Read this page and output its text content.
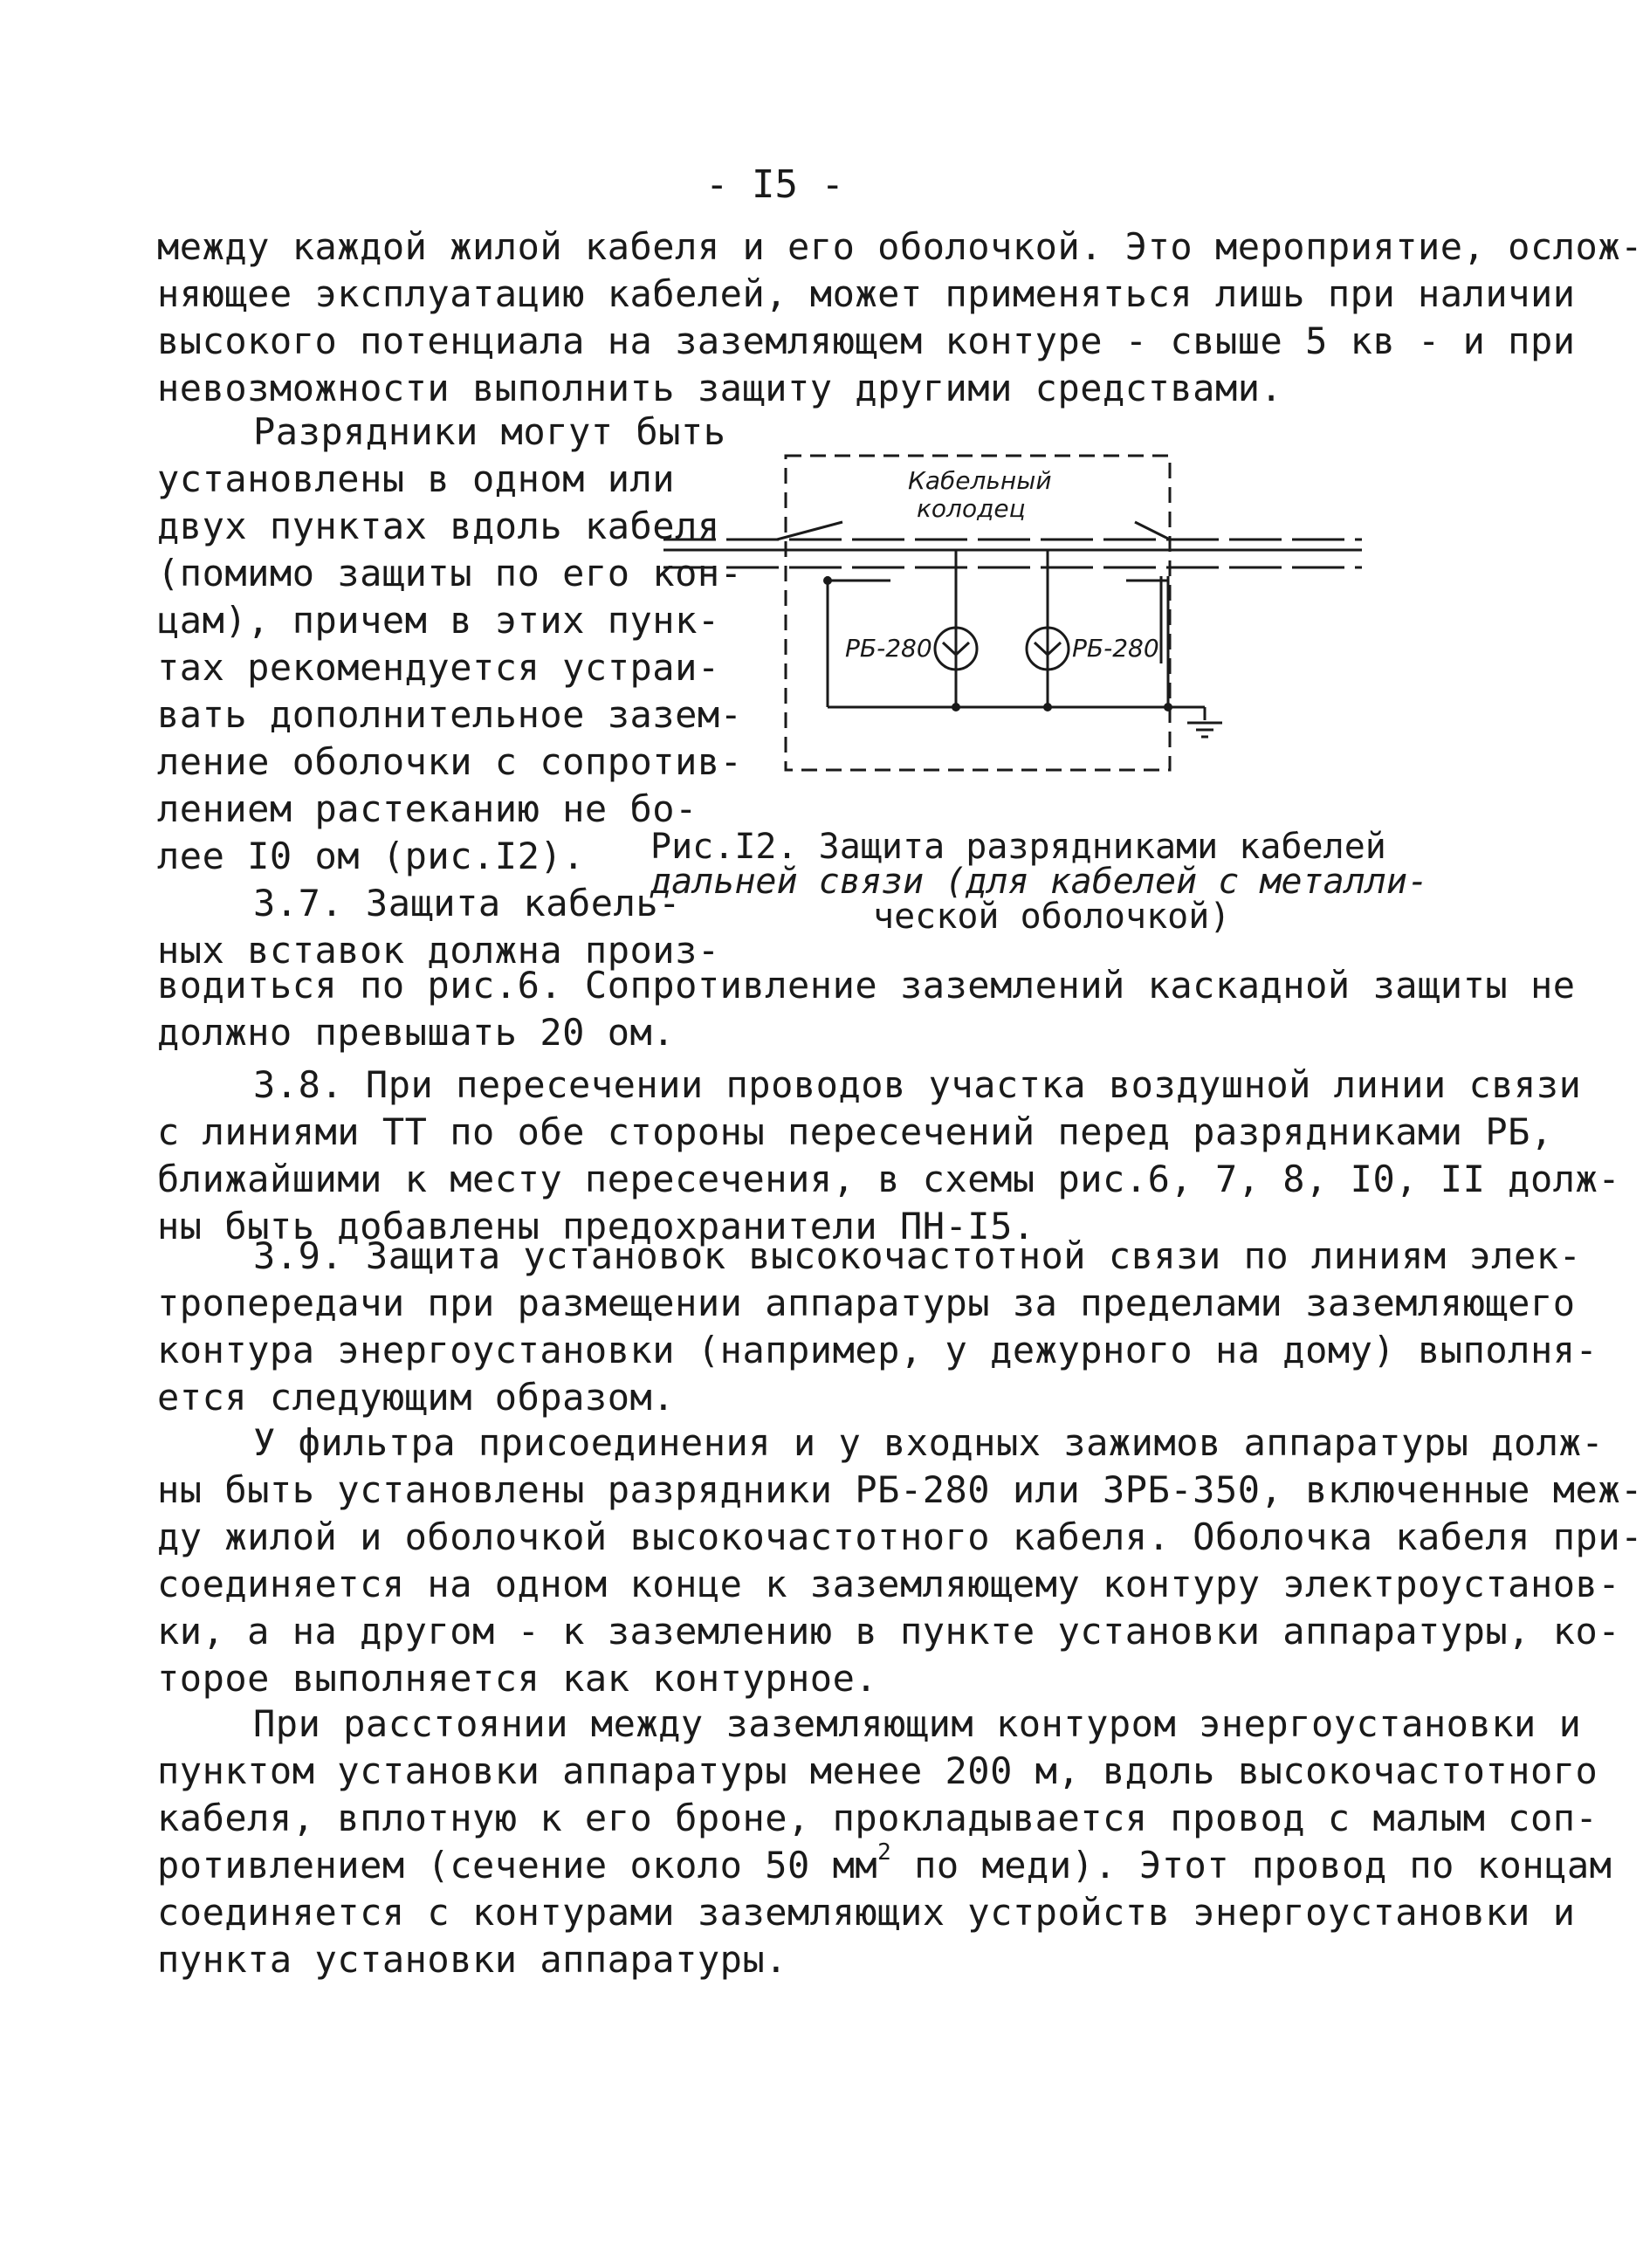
- I5 -
между каждой жилой кабеля и его оболочкой. Это мероприятие, ослож-
няющее эксплуатацию кабелей, может применяться лишь при наличии
высокого потенциала на заземляющем контуре - свыше 5 кв - и при
невозможности выполнить защиту другими средствами.
Разрядники могут быть
установлены в одном или
двух пунктах вдоль кабеля
(помимо защиты по его кон-
цам), причем в этих пунк-
тах рекомендуется устраи-
вать дополнительное зазем-
ление оболочки с сопротив-
лением растеканию не бо-
лее I0 ом (рис.I2).
3.7. Защита кабель-
ных вставок должна произ-
Кабельный
колодец
РБ-280	РБ-280
Рис.I2. Защита разрядниками кабелей
дальней связи (для кабелей с металли-
ческой оболочкой)
водиться по рис.6. Сопротивление заземлений каскадной защиты не
должно превышать 20 ом.
3.8. При пересечении проводов участка воздушной линии связи
с линиями ТТ по обе стороны пересечений перед разрядниками РБ,
ближайшими к месту пересечения, в схемы рис.6, 7, 8, I0, II долж-
ны быть добавлены предохранители ПН-I5.
3.9. Защита установок высокочастотной связи по линиям элек-
тропередачи при размещении аппаратуры за пределами заземляющего
контура энергоустановки (например, у дежурного на дому) выполня-
ется следующим образом.
У фильтра присоединения и у входных зажимов аппаратуры долж-
ны быть установлены разрядники РБ-280 или ЗРБ-350, включенные меж-
ду жилой и оболочкой высокочастотного кабеля. Оболочка кабеля при-
соединяется на одном конце к заземляющему контуру электроустанов-
ки, а на другом - к заземлению в пункте установки аппаратуры, ко-
торое выполняется как контурное.
При расстоянии между заземляющим контуром энергоустановки и
пунктом установки аппаратуры менее 200 м, вдоль высокочастотного
кабеля, вплотную к его броне, прокладывается провод с малым соп-
ротивлением (сечение около 50 $мм^2$ по меди). Этот провод по концам
соединяется с контурами заземляющих устройств энергоустановки и
пункта установки аппаратуры.
